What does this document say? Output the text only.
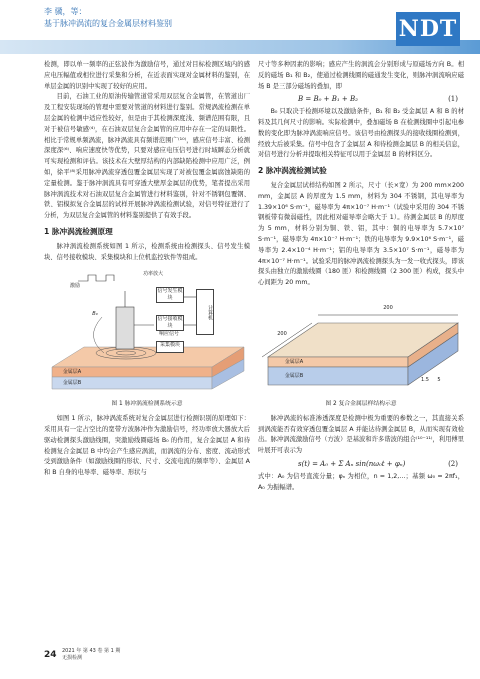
李 骥，等：
基于脉冲涡流的复合金属层材料鉴别	NDT

检测，即以单一频率的正弦波作为激励信号，通过对目标检测区域内的感应电压幅值或相位进行采集和分析，在近表面实现对金属材料的鉴别，在单层金属的识别中实现了较好的应用。

目前，石油工业的原油传输管道常采用双层复合金属管，在管道出厂及工程安装现场的管理中需要对管道的材料进行鉴别。常规涡流检测在单层金属的检测中适应性较好，但是由于其检测深度浅、频谱范围有限，且对于被信号敏感⁽⁴⁾，在石油双层复合金属管的应用中存在一定的局限性。相比于常规单频涡流，脉冲涡流具有频谱范围广⁽¹⁰⁾，感应信号丰富、检测深度深⁽⁶⁾、响应速度快等优势，只要对感应电压信号进行时域瞬态分析就可实现检测和评估。该技术在大壁厚结构的内部缺陷检测中应用广泛，例如，徐平⁽⁸⁾采用脉冲涡流穿透包覆金属层实现了对被包覆金属腐蚀缺陷的定量检测。鉴于脉冲涡流具有可穿透大壁厚金属层的优势，笔者提出采用脉冲涡流技术对石油双层复合金属管进行材料鉴别，针对不锈钢包覆钢、铁、铝模拟复合金属层的试样开展脉冲涡流检测试验，对信号特征进行了分析，为双层复合金属管的材料鉴别提供了有效手段。

1 脉冲涡流检测原理

脉冲涡流检测系统如图 1 所示，检测系统由检测探头、信号发生模块、信号接收模块、采集模块和上位机监控软件等组成。

功率放大
信号发生模块
信号接收模块
响应信号
采集模块
计算机
激励
B₀
金属层A
金属层B
图 1 脉冲涡流检测系统示意

如图 1 所示，脉冲涡流系统对复合金属层进行检测识别的原理如下：采用具有一定占空比的宽带方波脉冲作为激励信号，经功率放大器放大后驱动检测探头激励线圈，突激励线圈磁场 B₀ 的作用，复合金属层 A 和待检测复合金属层 B 中均会产生感应涡流，而涡流的分布、密度、流动形式受到激励条件（如激励线圈的形状、尺寸、交流电流的频率等）、金属层 A 和 B 自身的电导率、磁导率、形状与

尺寸等多种因素的影响；感应产生的涡流会分别形成与原磁场方向 B。相反的磁场 B₁ 和 B₂，使通过检测线圈的磁通发生变化，则脉冲涡流响应磁场 B 是三部分磁场的叠加，即

B = B₀ + B₁ + B₂	(1)

B₀ 只取决于检测环境以及激励条件，B₁ 和 B₂ 受金属层 A 和 B 的材料及其几何尺寸的影响。实际检测中，叠加磁场 B 在检测线圈中引起电参数的变化即为脉冲涡流响应信号。该信号由检测探头的接收线圈检测到，经放大后被采集。信号中包含了金属层 A 和待检测金属层 B 的相关信息，对信号进行分析并提取相关特征可以用于金属层 B 的材料区分。

2 脉冲涡流检测试验

复合金属层试样结构如图 2 所示，尺寸（长×宽）为 200 mm×200 mm，金属层 A 的厚度为 1.5 mm，材料为 304 不锈钢，其电导率为 1.39×10⁶ S·m⁻¹，磁导率为 4π×10⁻⁷ H·m⁻¹（试验中采用的 304 不锈钢板带有微弱磁性，因此相对磁导率会略大于 1）。待测金属层 B 的厚度为 5 mm，材料分别为铜、铁、铝，其中：铜的电导率为 5.7×10⁷ S·m⁻¹，磁导率为 4π×10⁻⁷ H·m⁻¹；铁的电导率为 9.9×10⁶ S·m⁻¹，磁导率为 2.4×10⁻⁴ H·m⁻¹；铝的电导率为 3.5×10⁷ S·m⁻¹，磁导率为 4π×10⁻⁷ H·m⁻¹。试验采用的脉冲涡流检测探头为一发一收式探头，即该探头由独立的激励线圈（180 匝）和检测线圈（2 300 匝）构成，探头中心间距为 20 mm。

200
200
1.5	5
金属层A
金属层B
图 2 复合金属层样结构示意

脉冲涡流的标准渗透深度是检测中极为重要的参数之一，其直接关系到涡流能否有效穿透包覆金属层 A 并能达待测金属层 B，从而实现有效检出。脉冲涡流激励信号（方波）是基波和许多谐波的组合⁽¹⁰⁻¹¹⁾，利用傅里叶展开可表示为

s(t) = A₀ + Σ Aₙ sin(nω₀t + φₙ)	(2)

式中：A₀ 为信号直流分量；φₙ 为相位，n = 1,2,…；基频 ω₀ = 2πf₁，A₀ 为振幅谱。

24 2021 年 第 43 卷 第 1 期
无损检测
